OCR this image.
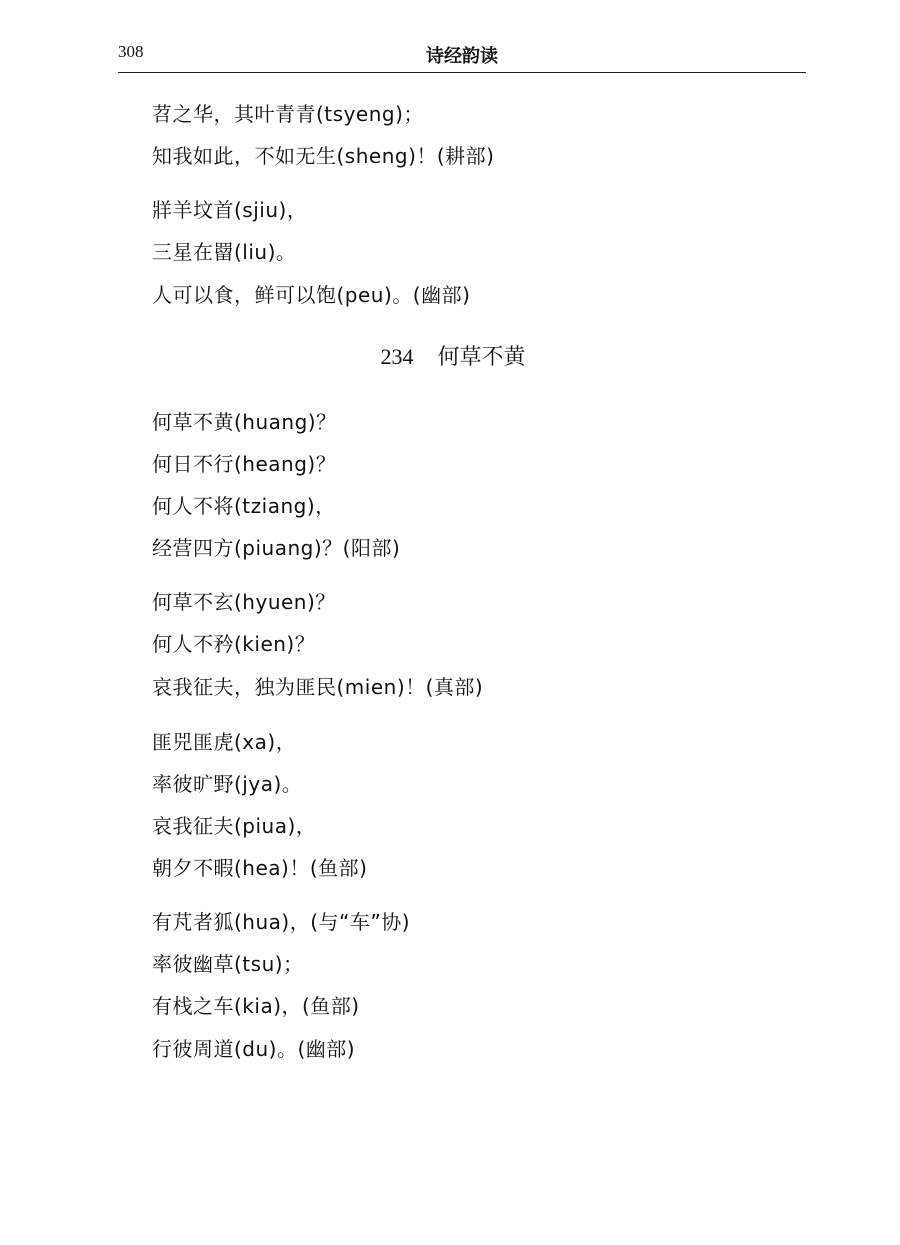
308	诗经韵读
苕之华，其叶青青(tsyeng)；
知我如此，不如无生(sheng)！(耕部)
牂羊坟首(sjiu)，
三星在罶(liu)。
人可以食，鲜可以饱(peu)。(幽部)
234 何草不黄
何草不黄(huang)？
何日不行(heang)？
何人不将(tziang)，
经营四方(piuang)？(阳部)
何草不玄(hyuen)？
何人不矜(kien)？
哀我征夫，独为匪民(mien)！(真部)
匪兕匪虎(xa)，
率彼旷野(jya)。
哀我征夫(piua)，
朝夕不暇(hea)！(鱼部)
有芃者狐(hua)，(与“车”协)
率彼幽草(tsu)；
有栈之车(kia)，(鱼部)
行彼周道(du)。(幽部)
